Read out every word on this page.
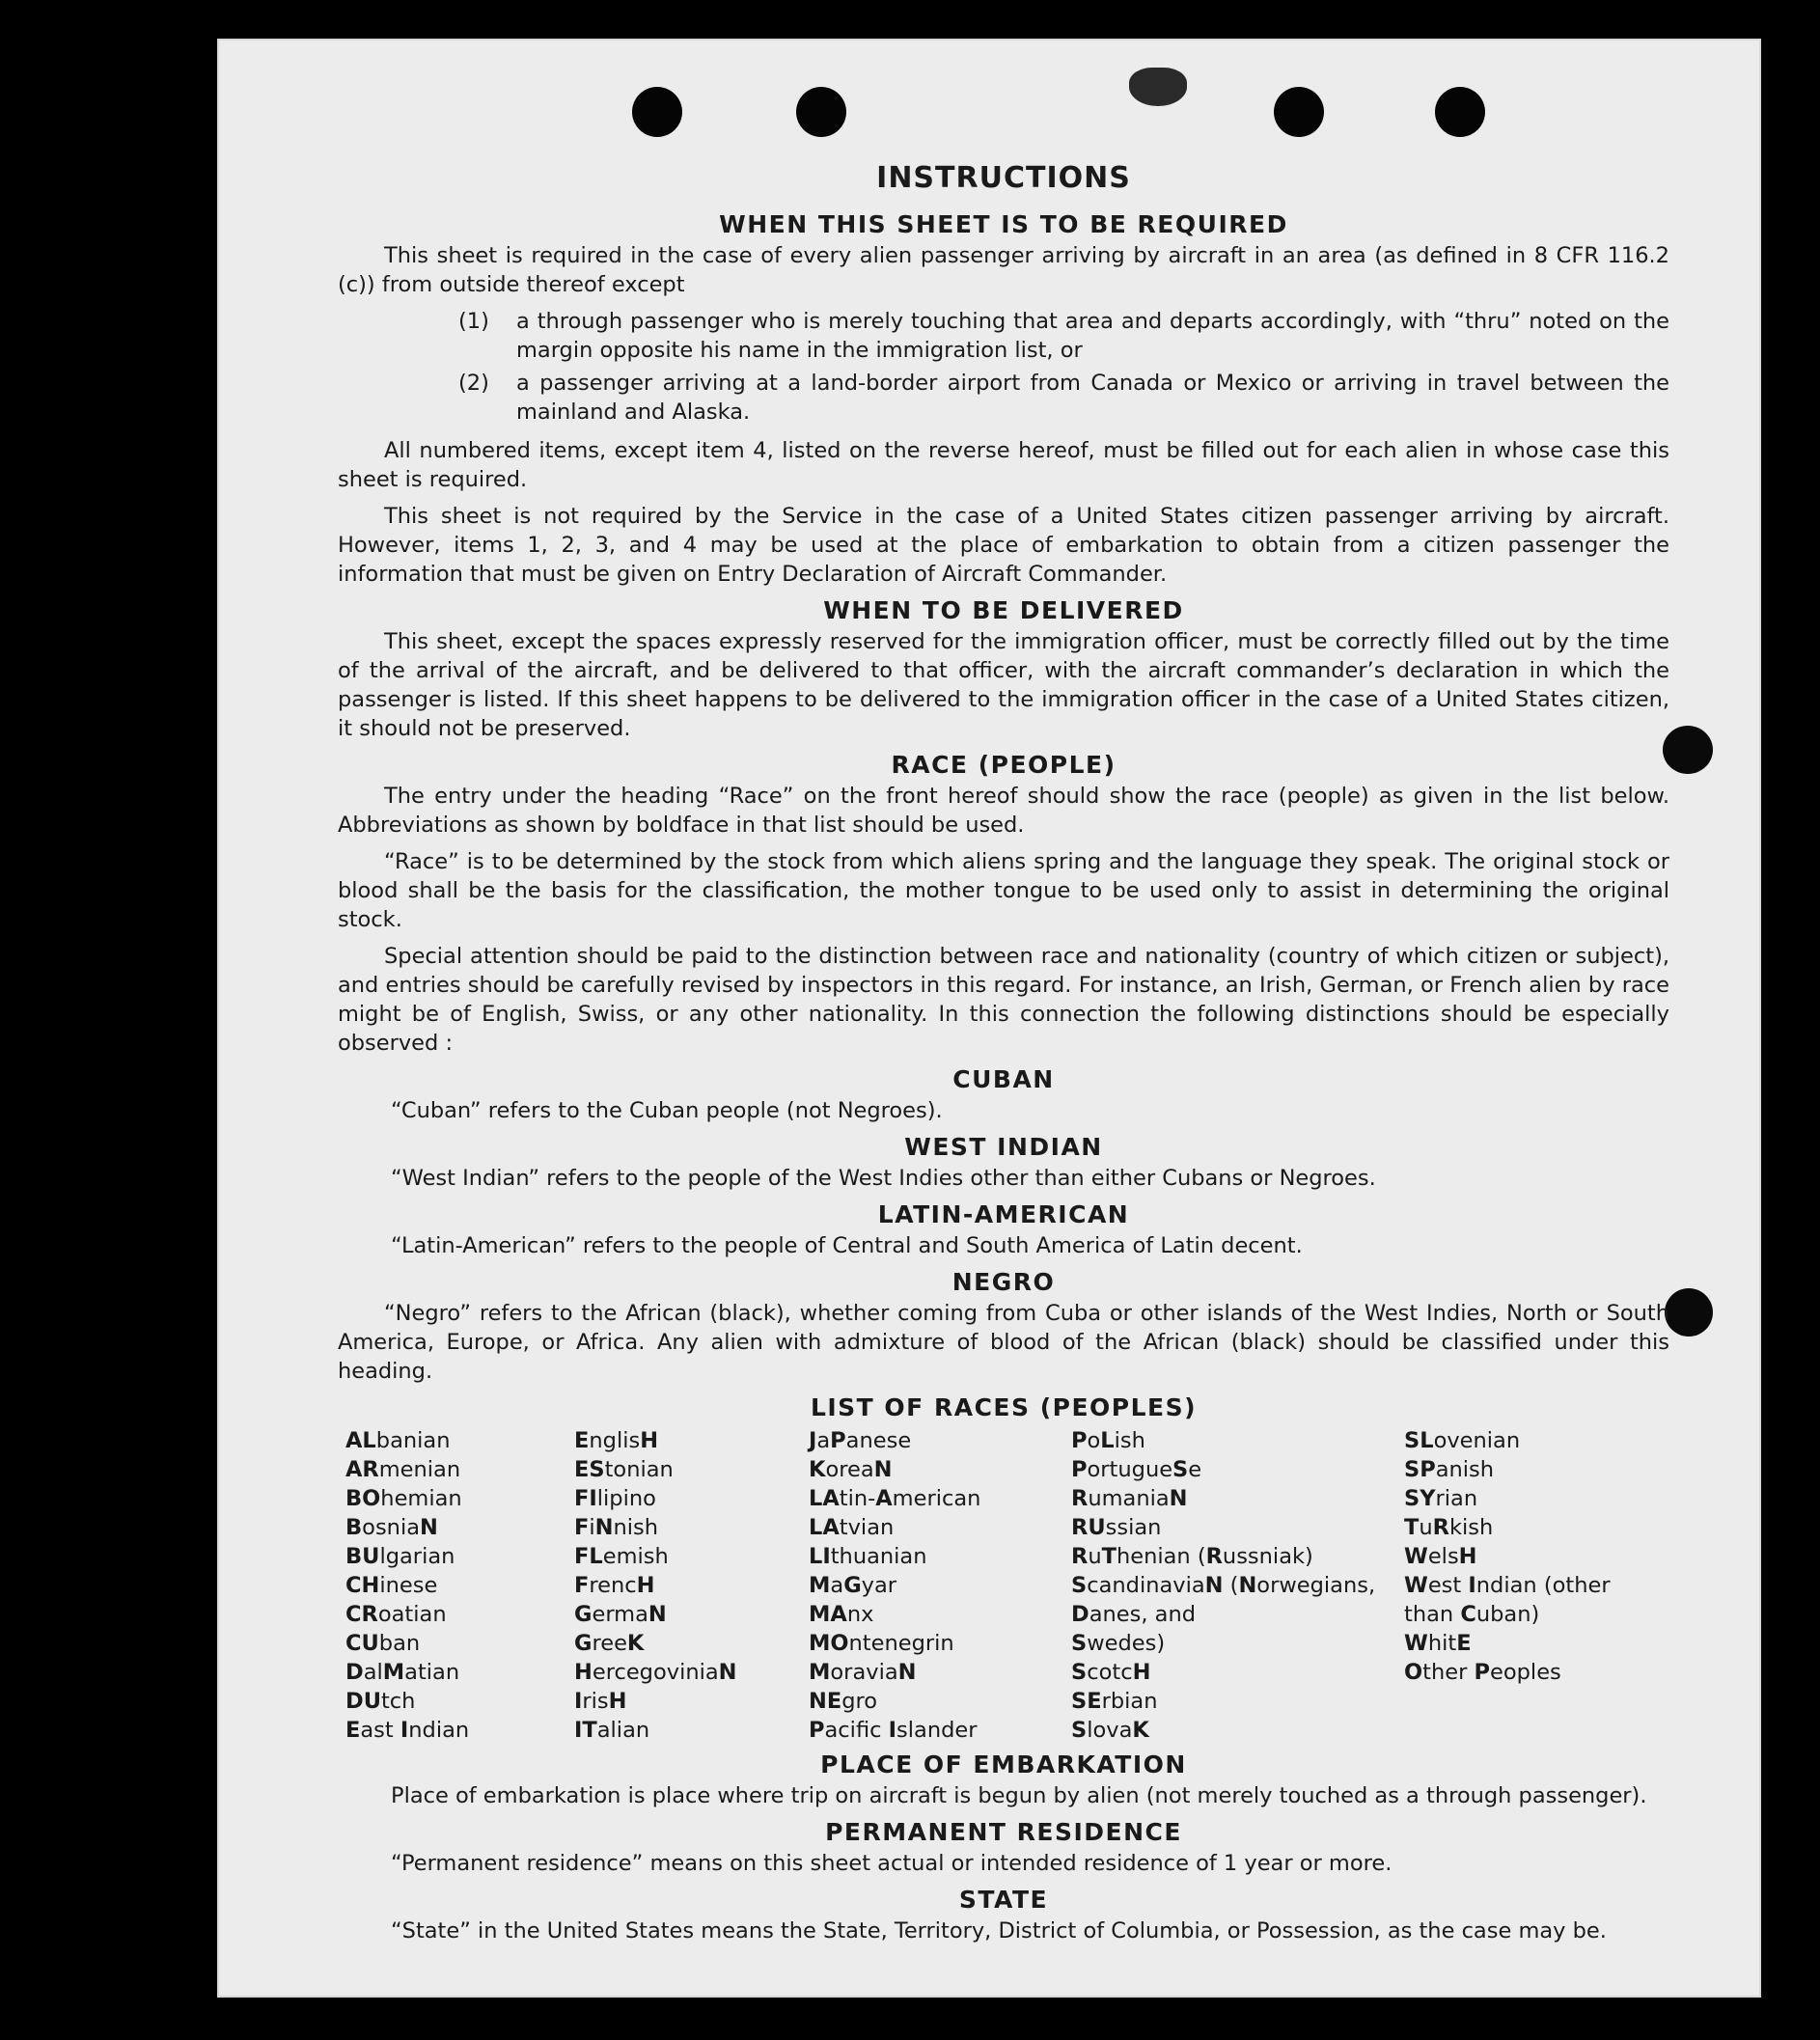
INSTRUCTIONS
WHEN THIS SHEET IS TO BE REQUIRED

This sheet is required in the case of every alien passenger arriving by aircraft in an area (as defined in 8 CFR 116.2 (c)) from outside thereof except

(1)	a through passenger who is merely touching that area and departs accordingly, with “thru” noted on the margin opposite his name in the immigration list, or
(2)	a passenger arriving at a land-border airport from Canada or Mexico or arriving in travel between the mainland and Alaska.

All numbered items, except item 4, listed on the reverse hereof, must be filled out for each alien in whose case this sheet is required.

This sheet is not required by the Service in the case of a United States citizen passenger arriving by aircraft. However, items 1, 2, 3, and 4 may be used at the place of embarkation to obtain from a citizen passenger the information that must be given on Entry Declaration of Aircraft Commander.

WHEN TO BE DELIVERED

This sheet, except the spaces expressly reserved for the immigration officer, must be correctly filled out by the time of the arrival of the aircraft, and be delivered to that officer, with the aircraft commander’s declaration in which the passenger is listed. If this sheet happens to be delivered to the immigration officer in the case of a United States citizen, it should not be preserved.

RACE (PEOPLE)

The entry under the heading “Race” on the front hereof should show the race (people) as given in the list below. Abbreviations as shown by boldface in that list should be used.

“Race” is to be determined by the stock from which aliens spring and the language they speak. The original stock or blood shall be the basis for the classification, the mother tongue to be used only to assist in determining the original stock.

Special attention should be paid to the distinction between race and nationality (country of which citizen or subject), and entries should be carefully revised by inspectors in this regard. For instance, an Irish, German, or French alien by race might be of English, Swiss, or any other nationality. In this connection the following distinctions should be especially observed :

CUBAN

“Cuban” refers to the Cuban people (not Negroes).

WEST INDIAN

“West Indian” refers to the people of the West Indies other than either Cubans or Negroes.

LATIN-AMERICAN

“Latin-American” refers to the people of Central and South America of Latin decent.

NEGRO

“Negro” refers to the African (black), whether coming from Cuba or other islands of the West Indies, North or South America, Europe, or Africa. Any alien with admixture of blood of the African (black) should be classified under this heading.

LIST OF RACES (PEOPLES)
ALbanian
ARmenian
BOhemian
BosniaN
BUlgarian
CHinese
CRoatian
CUban
DalMatian
DUtch
East Indian
EnglisH
EStonian
FIlipino
FiNnish
FLemish
FrencH
GermaN
GreeK
HercegoviniaN
IrisH
ITalian
JaPanese
KoreaN
LAtin-American
LAtvian
LIthuanian
MaGyar
MAnx
MOntenegrin
MoraviaN
NEgro
Pacifc Islander
PoLish
PortugueSe
RumaniaN
RUssian
RuThenian (Russniak)
ScandinaviaN (Norwegians,
Danes, and
Swedes)
ScotcH
SErbian
SlovaK
SLovenian
SPanish
SYrian
TuRkish
WelsH
West Indian (other
than Cuban)
WhitE
Other Peoples
PLACE OF EMBARKATION

Place of embarkation is place where trip on aircraft is begun by alien (not merely touched as a through passenger).

PERMANENT RESIDENCE

“Permanent residence” means on this sheet actual or intended residence of 1 year or more.

STATE

“State” in the United States means the State, Territory, District of Columbia, or Possession, as the case may be.
